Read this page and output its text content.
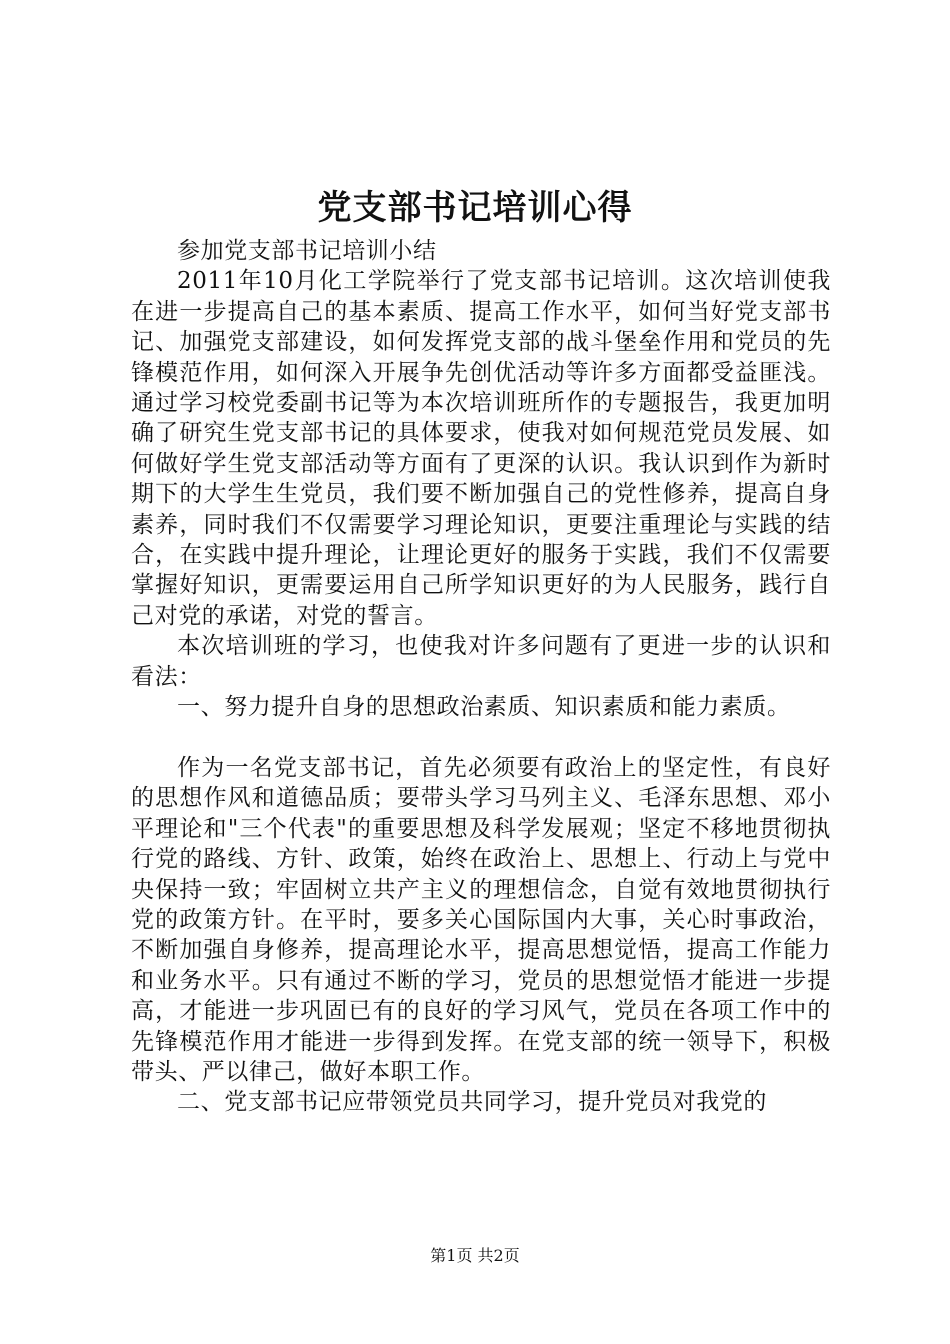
党支部书记培训心得

参加党支部书记培训小结

2011年10月化工学院举行了党支部书记培训。这次培训使我在进一步提高自己的基本素质、提高工作水平，如何当好党支部书记、加强党支部建设，如何发挥党支部的战斗堡垒作用和党员的先锋模范作用，如何深入开展争先创优活动等许多方面都受益匪浅。通过学习校党委副书记等为本次培训班所作的专题报告，我更加明确了研究生党支部书记的具体要求，使我对如何规范党员发展、如何做好学生党支部活动等方面有了更深的认识。我认识到作为新时期下的大学生生党员，我们要不断加强自己的党性修养，提高自身素养，同时我们不仅需要学习理论知识，更要注重理论与实践的结合，在实践中提升理论，让理论更好的服务于实践，我们不仅需要掌握好知识，更需要运用自己所学知识更好的为人民服务，践行自己对党的承诺，对党的誓言。

本次培训班的学习，也使我对许多问题有了更进一步的认识和看法：

一、努力提升自身的思想政治素质、知识素质和能力素质。

作为一名党支部书记，首先必须要有政治上的坚定性，有良好的思想作风和道德品质；要带头学习马列主义、毛泽东思想、邓小平理论和"三个代表"的重要思想及科学发展观；坚定不移地贯彻执行党的路线、方针、政策，始终在政治上、思想上、行动上与党中央保持一致；牢固树立共产主义的理想信念，自觉有效地贯彻执行党的政策方针。在平时，要多关心国际国内大事，关心时事政治，不断加强自身修养，提高理论水平，提高思想觉悟，提高工作能力和业务水平。只有通过不断的学习，党员的思想觉悟才能进一步提高，才能进一步巩固已有的良好的学习风气，党员在各项工作中的先锋模范作用才能进一步得到发挥。在党支部的统一领导下，积极带头、严以律己，做好本职工作。

二、党支部书记应带领党员共同学习，提升党员对我党的

第1页 共2页
